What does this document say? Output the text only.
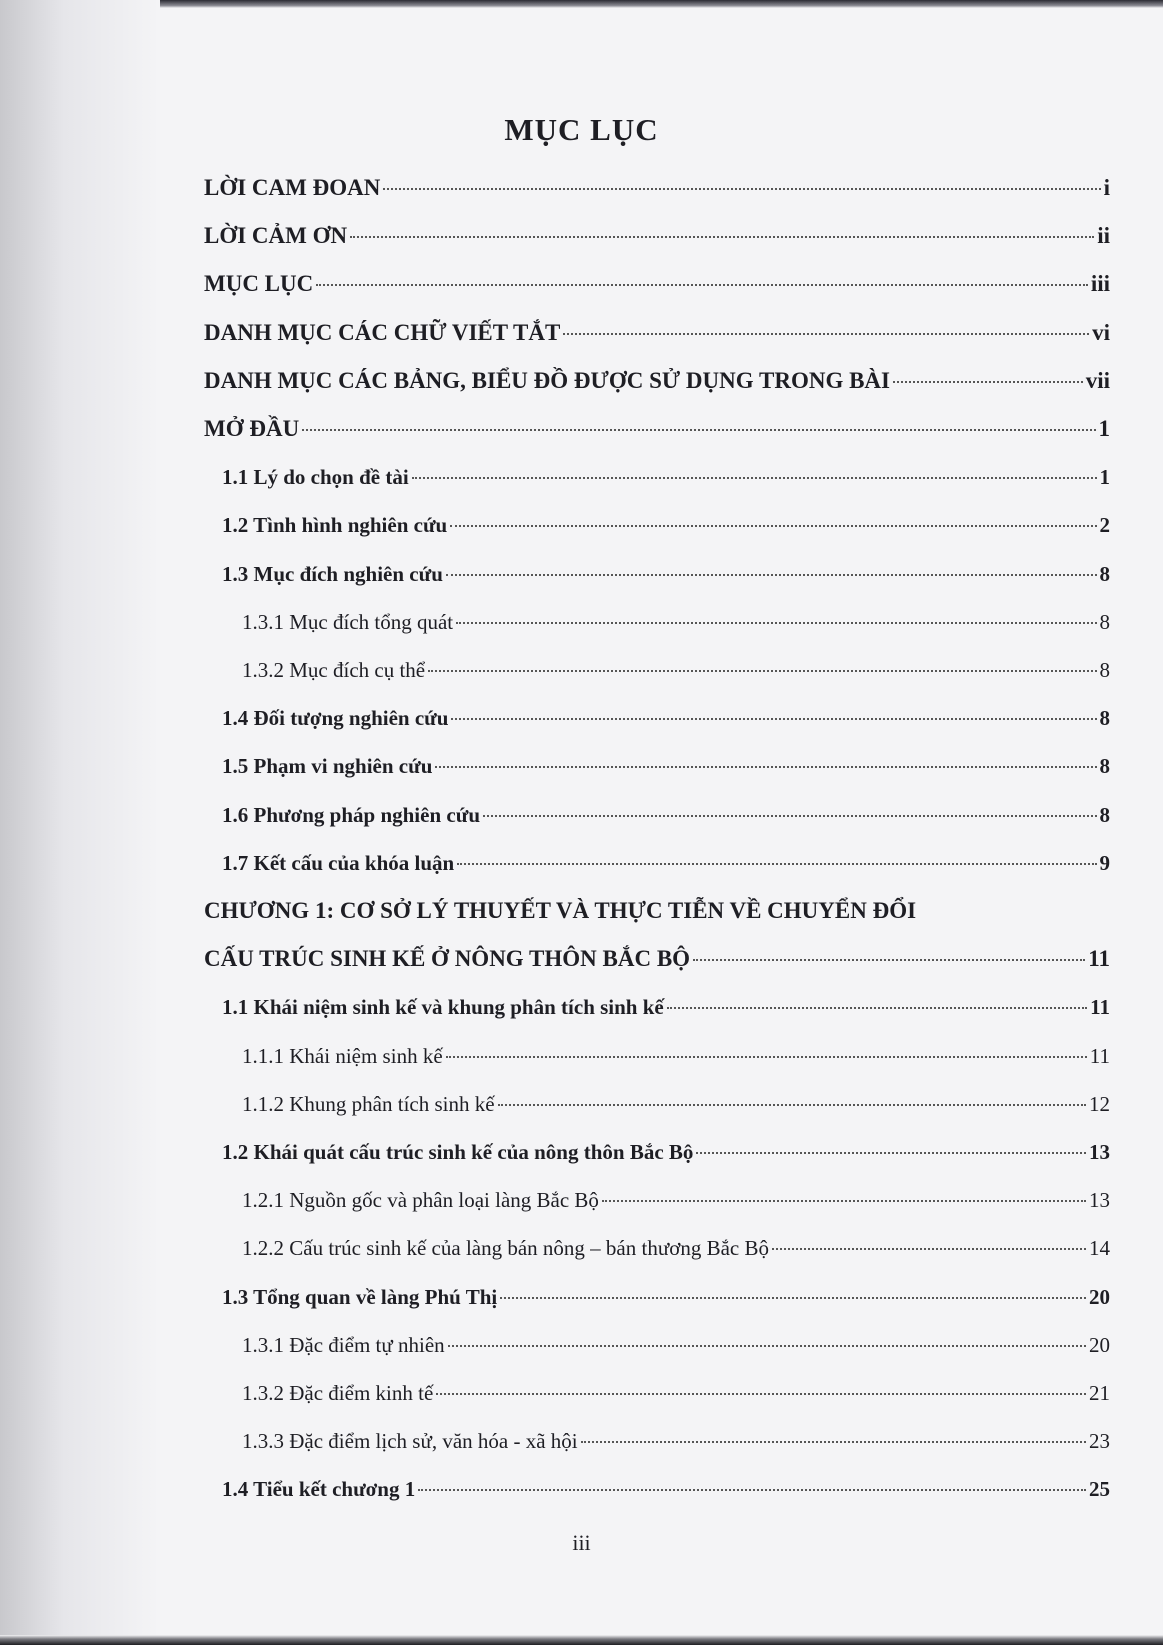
MỤC LỤC
LỜI CAM ĐOAN	i
LỜI CẢM ƠN	ii
MỤC LỤC	iii
DANH MỤC CÁC CHỮ VIẾT TẮT	vi
DANH MỤC CÁC BẢNG, BIỂU ĐỒ ĐƯỢC SỬ DỤNG TRONG BÀI	vii
MỞ ĐẦU	1
1.1 Lý do chọn đề tài	1
1.2 Tình hình nghiên cứu	2
1.3 Mục đích nghiên cứu	8
1.3.1 Mục đích tổng quát	8
1.3.2 Mục đích cụ thể	8
1.4 Đối tượng nghiên cứu	8
1.5 Phạm vi nghiên cứu	8
1.6 Phương pháp nghiên cứu	8
1.7 Kết cấu của khóa luận	9
CHƯƠNG 1: CƠ SỞ LÝ THUYẾT VÀ THỰC TIỄN VỀ CHUYỂN ĐỔI
CẤU TRÚC SINH KẾ Ở NÔNG THÔN BẮC BỘ	11
1.1 Khái niệm sinh kế và khung phân tích sinh kế	11
1.1.1 Khái niệm sinh kế	11
1.1.2 Khung phân tích sinh kế	12
1.2 Khái quát cấu trúc sinh kế của nông thôn Bắc Bộ	13
1.2.1 Nguồn gốc và phân loại làng Bắc Bộ	13
1.2.2 Cấu trúc sinh kế của làng bán nông – bán thương Bắc Bộ	14
1.3 Tổng quan về làng Phú Thị	20
1.3.1 Đặc điểm tự nhiên	20
1.3.2 Đặc điểm kinh tế	21
1.3.3 Đặc điểm lịch sử, văn hóa - xã hội	23
1.4 Tiểu kết chương 1	25
iii
